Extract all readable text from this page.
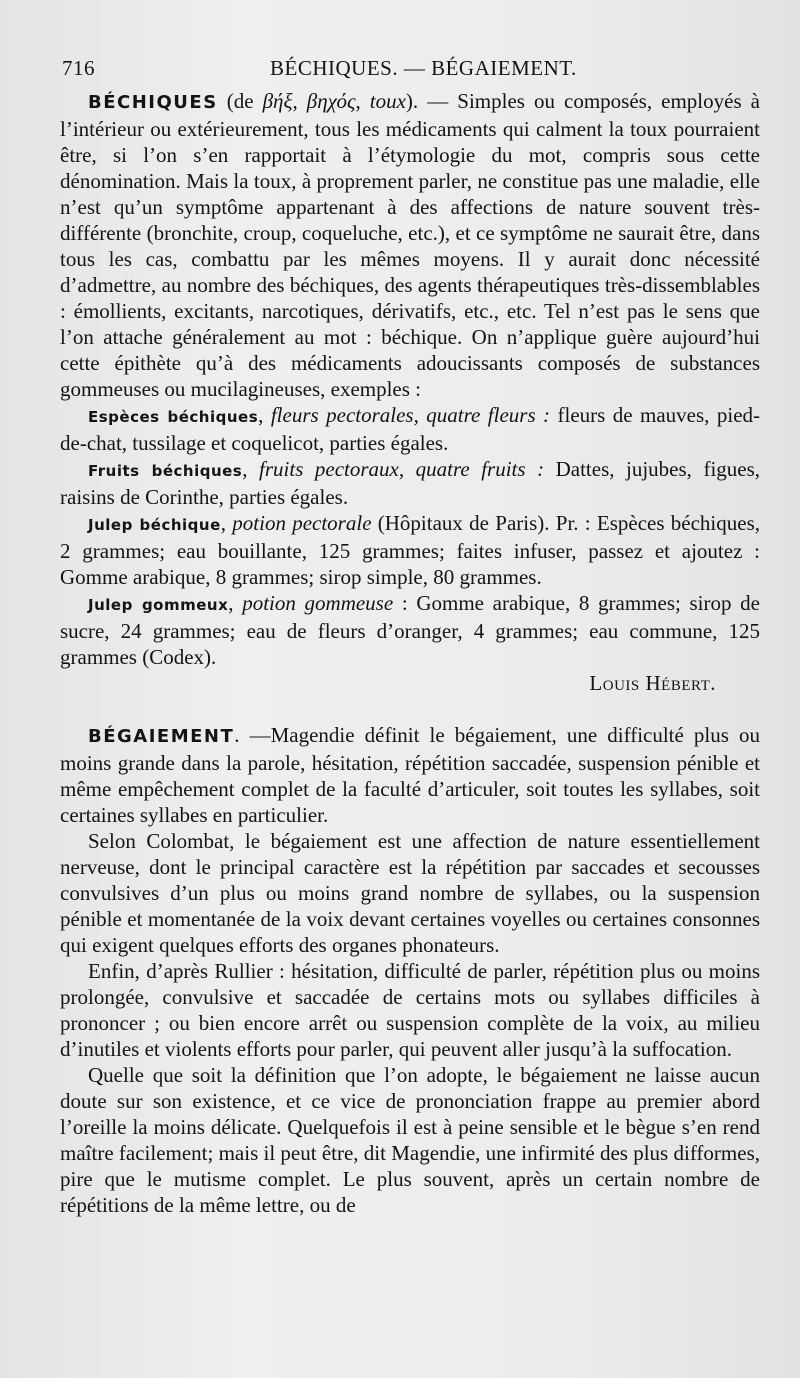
716	BÉCHIQUES. — BÉGAIEMENT.

BÉCHIQUES (de βήξ, βηχός, toux). — Simples ou composés, employés à l’intérieur ou extérieurement, tous les médicaments qui calment la toux pourraient être, si l’on s’en rapportait à l’étymologie du mot, compris sous cette dénomination. Mais la toux, à proprement parler, ne constitue pas une maladie, elle n’est qu’un symptôme appartenant à des affections de nature souvent très-différente (bronchite, croup, coqueluche, etc.), et ce symptôme ne saurait être, dans tous les cas, combattu par les mêmes moyens. Il y aurait donc nécessité d’admettre, au nombre des béchiques, des agents thérapeutiques très-dissemblables : émollients, excitants, narcotiques, dérivatifs, etc., etc. Tel n’est pas le sens que l’on attache généralement au mot : béchique. On n’applique guère aujourd’hui cette épithète qu’à des médicaments adoucissants composés de substances gommeuses ou mucilagineuses, exemples :

Espèces béchiques, fleurs pectorales, quatre fleurs : fleurs de mauves, pied-de-chat, tussilage et coquelicot, parties égales.

Fruits béchiques, fruits pectoraux, quatre fruits : Dattes, jujubes, figues, raisins de Corinthe, parties égales.

Julep béchique, potion pectorale (Hôpitaux de Paris). Pr. : Espèces béchiques, 2 grammes; eau bouillante, 125 grammes; faites infuser, passez et ajoutez : Gomme arabique, 8 grammes; sirop simple, 80 grammes.

Julep gommeux, potion gommeuse : Gomme arabique, 8 grammes; sirop de sucre, 24 grammes; eau de fleurs d’oranger, 4 grammes; eau commune, 125 grammes (Codex).

Louis Hébert.

BÉGAIEMENT. —Magendie définit le bégaiement, une difficulté plus ou moins grande dans la parole, hésitation, répétition saccadée, suspension pénible et même empêchement complet de la faculté d’articuler, soit toutes les syllabes, soit certaines syllabes en particulier.

Selon Colombat, le bégaiement est une affection de nature essentiellement nerveuse, dont le principal caractère est la répétition par saccades et secousses convulsives d’un plus ou moins grand nombre de syllabes, ou la suspension pénible et momentanée de la voix devant certaines voyelles ou certaines consonnes qui exigent quelques efforts des organes phonateurs.

Enfin, d’après Rullier : hésitation, difficulté de parler, répétition plus ou moins prolongée, convulsive et saccadée de certains mots ou syllabes difficiles à prononcer ; ou bien encore arrêt ou suspension complète de la voix, au milieu d’inutiles et violents efforts pour parler, qui peuvent aller jusqu’à la suffocation.

Quelle que soit la définition que l’on adopte, le bégaiement ne laisse aucun doute sur son existence, et ce vice de prononciation frappe au premier abord l’oreille la moins délicate. Quelquefois il est à peine sensible et le bègue s’en rend maître facilement; mais il peut être, dit Magendie, une infirmité des plus difformes, pire que le mutisme complet. Le plus souvent, après un certain nombre de répétitions de la même lettre, ou de
